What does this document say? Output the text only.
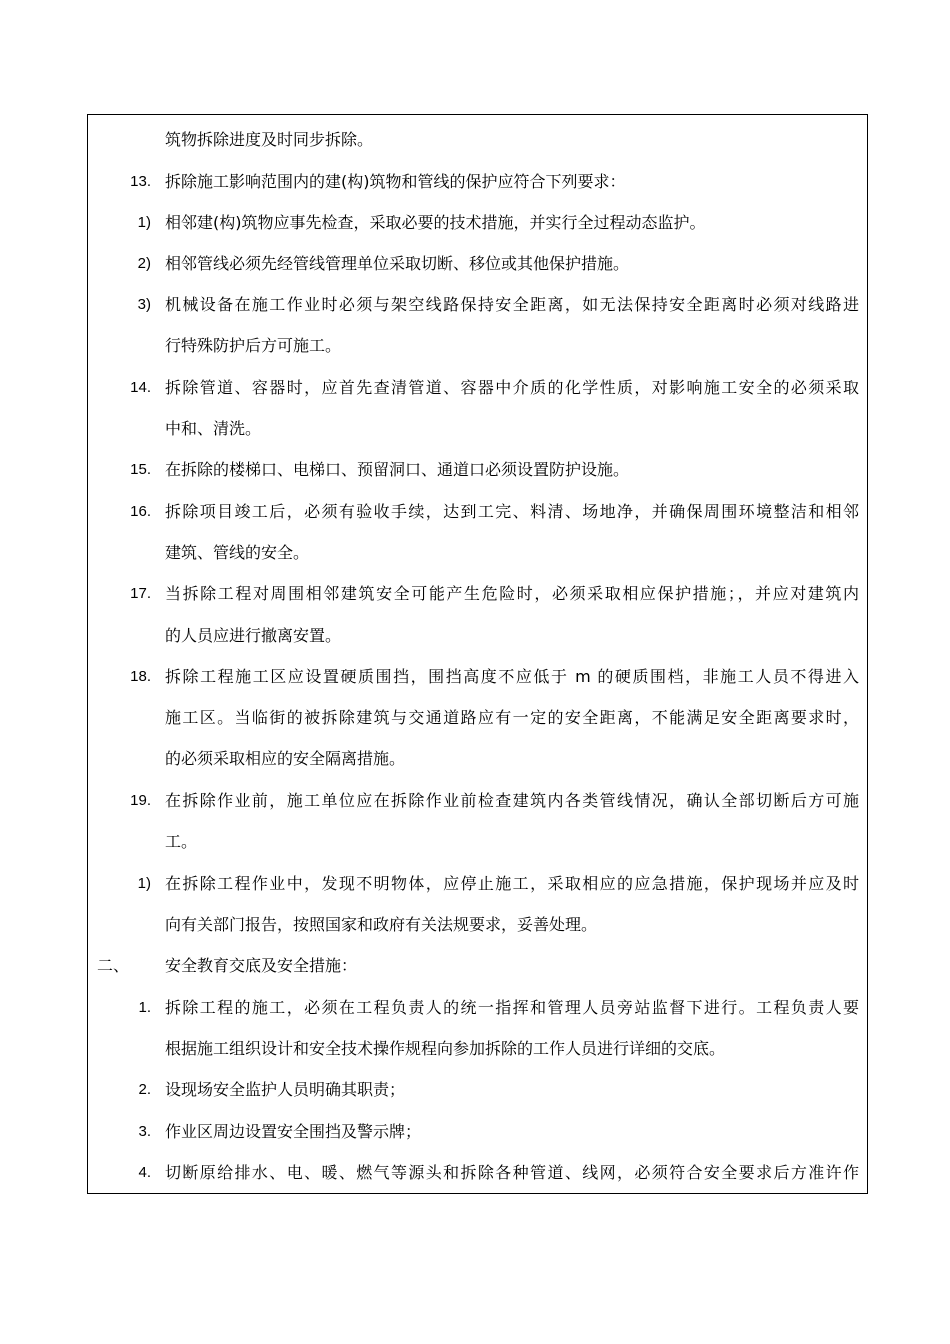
筑物拆除进度及时同步拆除。
13. 拆除施工影响范围内的建(构)筑物和管线的保护应符合下列要求：
1) 相邻建(构)筑物应事先检查，采取必要的技术措施，并实行全过程动态监护。
2) 相邻管线必须先经管线管理单位采取切断、移位或其他保护措施。
3) 机械设备在施工作业时必须与架空线路保持安全距离，如无法保持安全距离时必须对线路进
行特殊防护后方可施工。
14. 拆除管道、容器时，应首先查清管道、容器中介质的化学性质，对影响施工安全的必须采取
中和、清洗。
15. 在拆除的楼梯口、电梯口、预留洞口、通道口必须设置防护设施。
16. 拆除项目竣工后，必须有验收手续，达到工完、料清、场地净，并确保周围环境整洁和相邻
建筑、管线的安全。
17. 当拆除工程对周围相邻建筑安全可能产生危险时，必须采取相应保护措施；，并应对建筑内
的人员应进行撤离安置。
18. 拆除工程施工区应设置硬质围挡，围挡高度不应低于 m 的硬质围档，非施工人员不得进入
施工区。当临街的被拆除建筑与交通道路应有一定的安全距离，不能满足安全距离要求时，
的必须采取相应的安全隔离措施。
19. 在拆除作业前，施工单位应在拆除作业前检查建筑内各类管线情况，确认全部切断后方可施
工。
1) 在拆除工程作业中，发现不明物体，应停止施工，采取相应的应急措施，保护现场并应及时
向有关部门报告，按照国家和政府有关法规要求，妥善处理。
二、	安全教育交底及安全措施：
1. 拆除工程的施工，必须在工程负责人的统一指挥和管理人员旁站监督下进行。工程负责人要
根据施工组织设计和安全技术操作规程向参加拆除的工作人员进行详细的交底。
2. 设现场安全监护人员明确其职责；
3. 作业区周边设置安全围挡及警示牌；
4. 切断原给排水、电、暖、燃气等源头和拆除各种管道、线网，必须符合安全要求后方准许作
